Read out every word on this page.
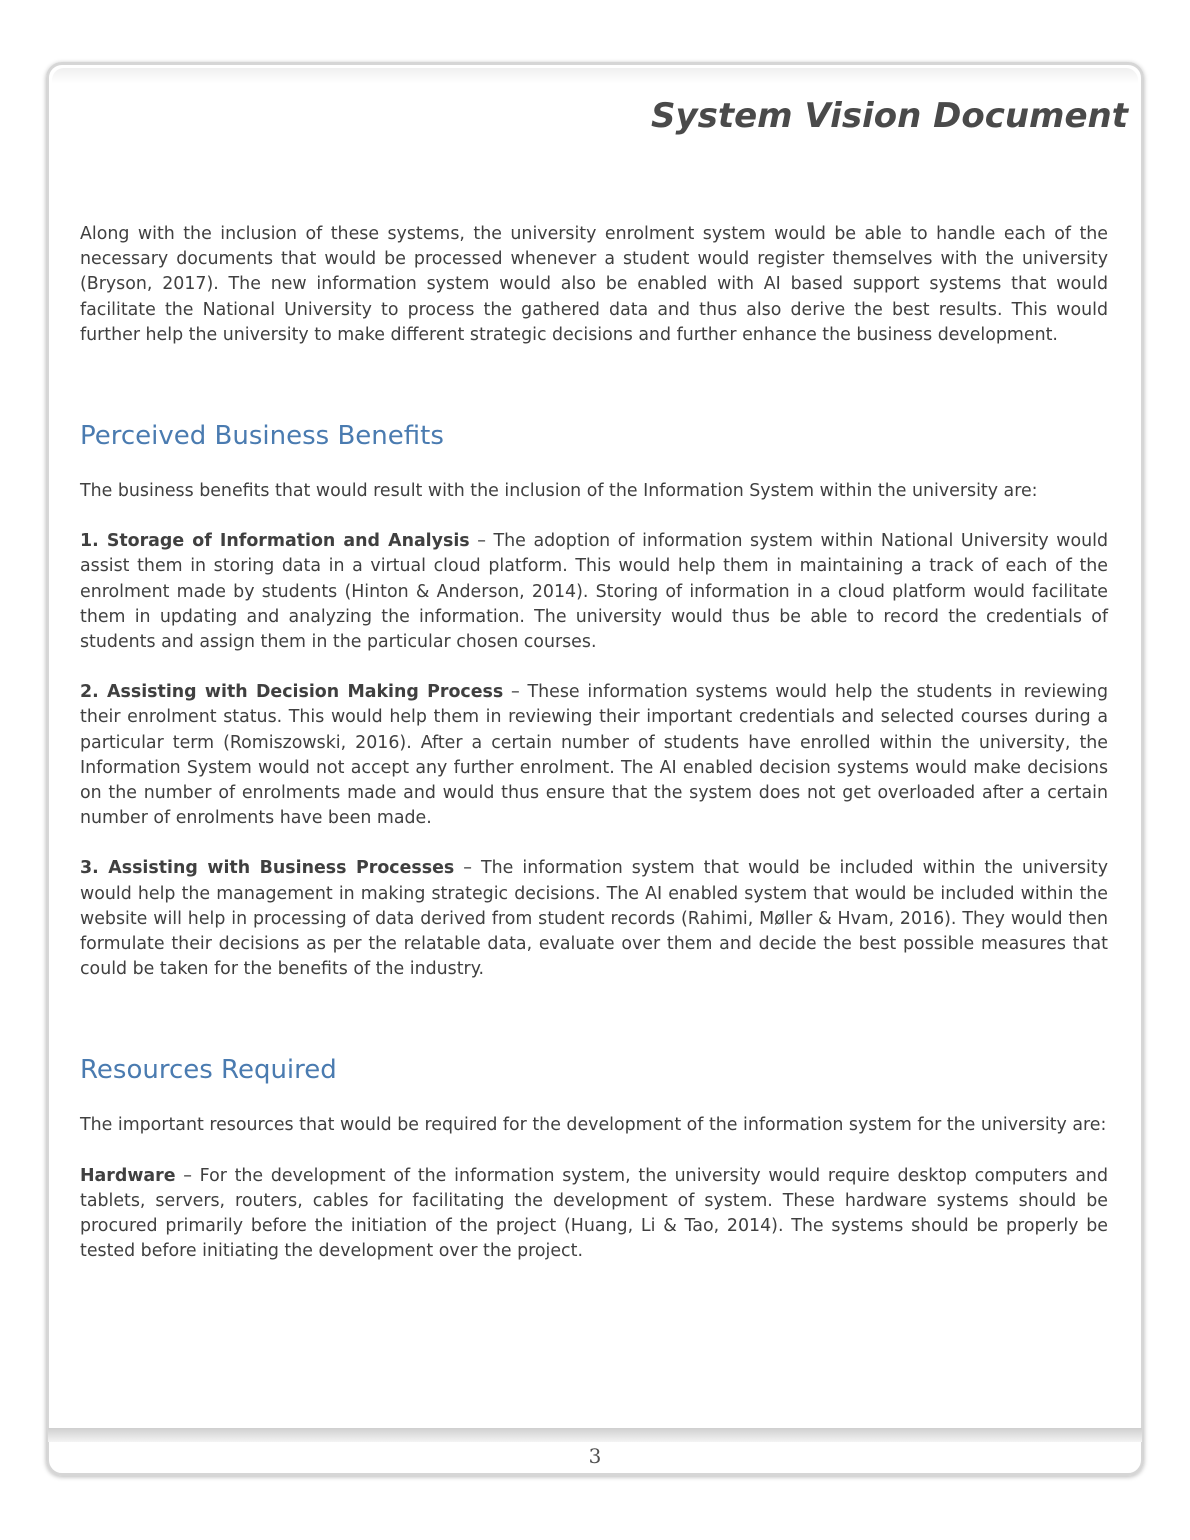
System Vision Document

Along with the inclusion of these systems, the university enrolment system would be able to handle each of the necessary documents that would be processed whenever a student would register themselves with the university (Bryson, 2017). The new information system would also be enabled with AI based support systems that would facilitate the National University to process the gathered data and thus also derive the best results. This would further help the university to make different strategic decisions and further enhance the business development.

Perceived Business Benefits

The business benefits that would result with the inclusion of the Information System within the university are:

1. Storage of Information and Analysis – The adoption of information system within National University would assist them in storing data in a virtual cloud platform. This would help them in maintaining a track of each of the enrolment made by students (Hinton & Anderson, 2014). Storing of information in a cloud platform would facilitate them in updating and analyzing the information. The university would thus be able to record the credentials of students and assign them in the particular chosen courses.

2. Assisting with Decision Making Process – These information systems would help the students in reviewing their enrolment status. This would help them in reviewing their important credentials and selected courses during a particular term (Romiszowski, 2016). After a certain number of students have enrolled within the university, the Information System would not accept any further enrolment. The AI enabled decision systems would make decisions on the number of enrolments made and would thus ensure that the system does not get overloaded after a certain number of enrolments have been made.

3. Assisting with Business Processes – The information system that would be included within the university would help the management in making strategic decisions. The AI enabled system that would be included within the website will help in processing of data derived from student records (Rahimi, Møller & Hvam, 2016). They would then formulate their decisions as per the relatable data, evaluate over them and decide the best possible measures that could be taken for the benefits of the industry.

Resources Required

The important resources that would be required for the development of the information system for the university are:

Hardware – For the development of the information system, the university would require desktop computers and tablets, servers, routers, cables for facilitating the development of system. These hardware systems should be procured primarily before the initiation of the project (Huang, Li & Tao, 2014). The systems should be properly be tested before initiating the development over the project.

3
